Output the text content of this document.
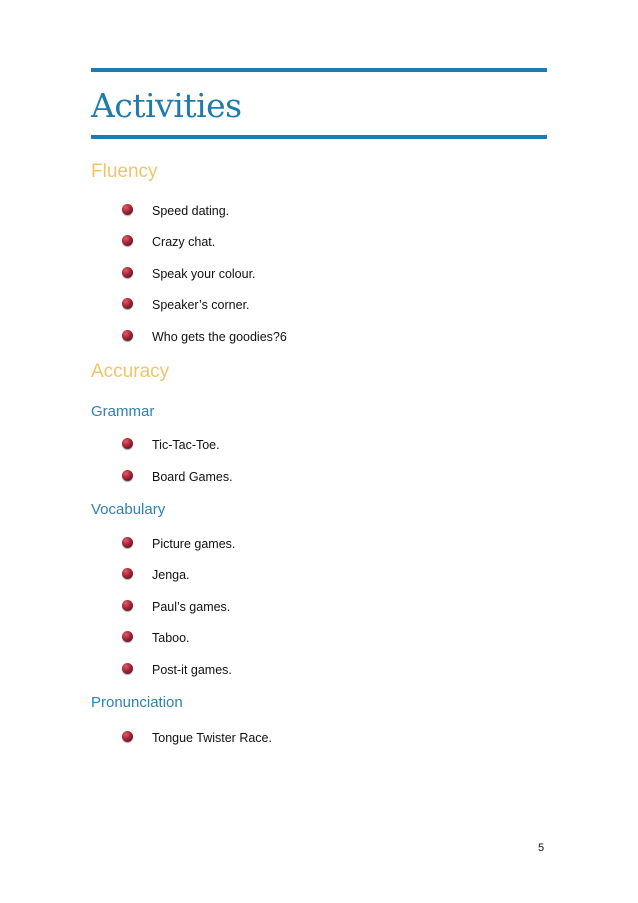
Activities
Fluency
Speed dating.
Crazy chat.
Speak your colour.
Speaker’s corner.
Who gets the goodies?6
Accuracy
Grammar
Tic-Tac-Toe.
Board Games.
Vocabulary
Picture games.
Jenga.
Paul’s games.
Taboo.
Post-it games.
Pronunciation
Tongue Twister Race.
5
